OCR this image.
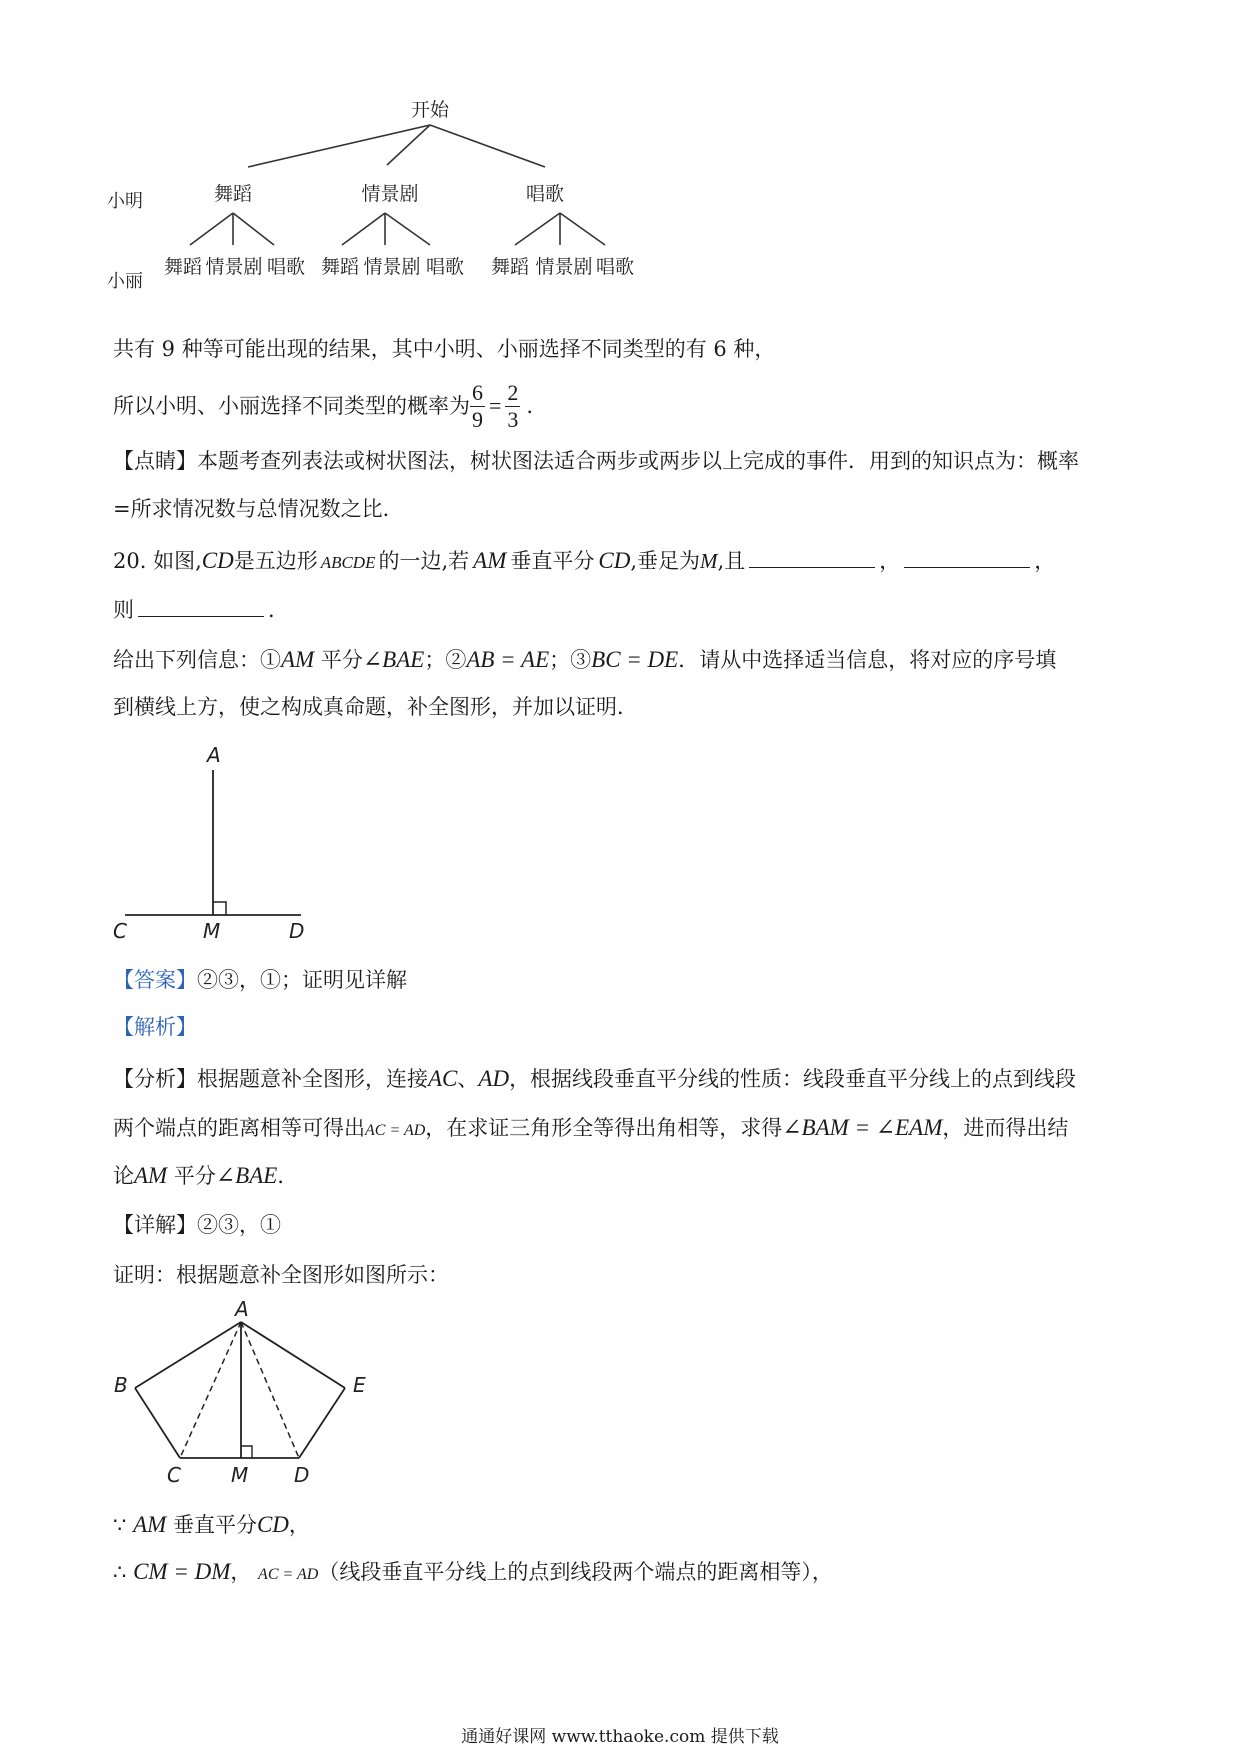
开始
小明
小丽
舞蹈	情景剧	唱歌
舞蹈 情景剧 唱歌 舞蹈 情景剧 唱歌 舞蹈 情景剧 唱歌
共有 9 种等可能出现的结果，其中小明、小丽选择不同类型的有 6 种，
所以小明、小丽选择不同类型的概率为 $\frac{6}{9} = \frac{2}{3}$ .
【点睛】本题考查列表法或树状图法，树状图法适合两步或两步以上完成的事件．用到的知识点为：概率
=所求情况数与总情况数之比．
20. 如图,CD是五边形 ABCDE 的一边,若 AM 垂直平分 CD,垂足为M,且	，	，
则	．
给出下列信息：①AM 平分∠BAE；②AB = AE；③BC = DE．请从中选择适当信息，将对应的序号填
到横线上方，使之构成真命题，补全图形，并加以证明．
A
C	M	D
【答案】②③，①；证明见详解
【解析】
【分析】根据题意补全图形，连接AC、AD，根据线段垂直平分线的性质：线段垂直平分线上的点到线段
两个端点的距离相等可得出AC = AD，在求证三角形全等得出角相等，求得∠BAM = ∠EAM，进而得出结
论AM 平分∠BAE．
【详解】②③，①
证明：根据题意补全图形如图所示：
A
B	E
C	M D
∵ AM 垂直平分CD，
∴ CM = DM， AC = AD（线段垂直平分线上的点到线段两个端点的距离相等），
通通好课网 www.tthaoke.com 提供下载
